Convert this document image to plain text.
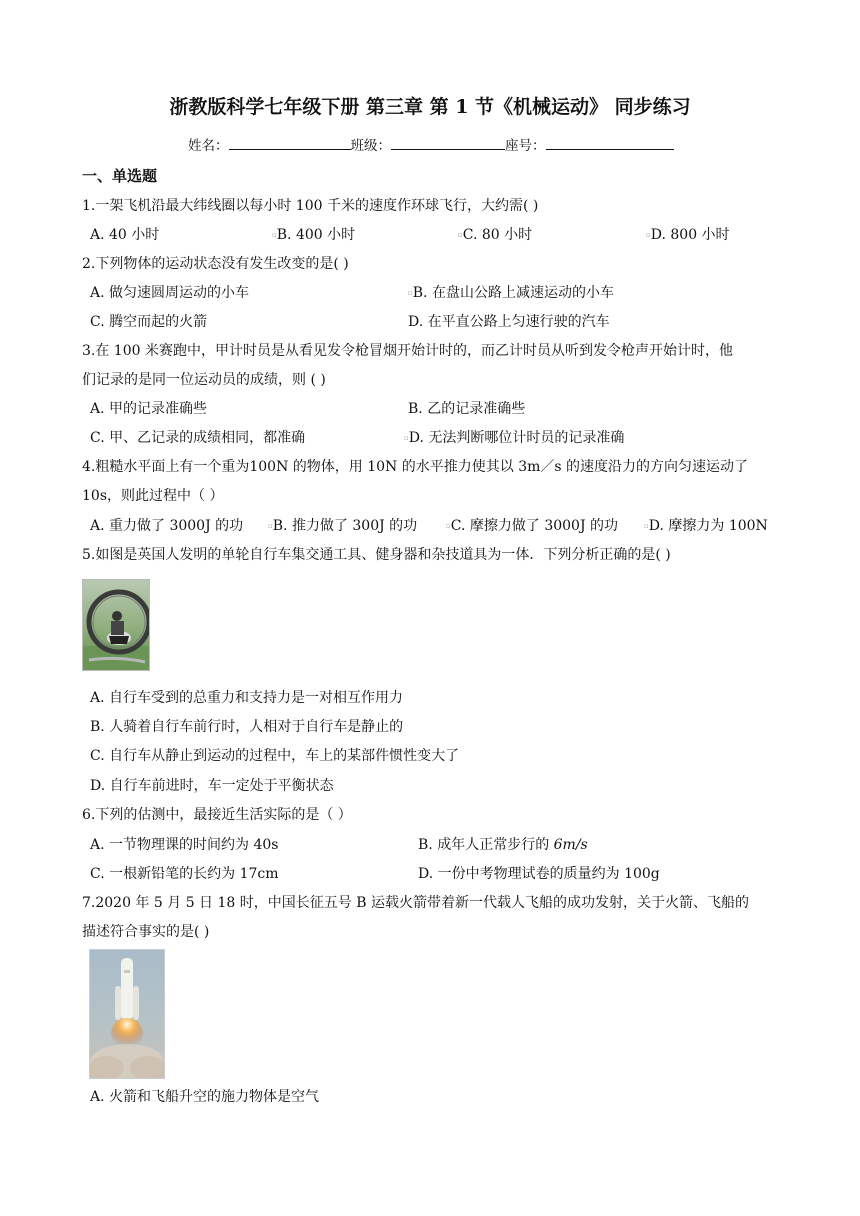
浙教版科学七年级下册 第三章 第 1 节《机械运动》 同步练习
姓名：	班级：	座号：
一、单选题
1.一架飞机沿最大纬线圈以每小时 100 千米的速度作环球飞行，大约需( )
A. 40 小时	▫B. 400 小时	▫C. 80 小时	▫D. 800 小时
2.下列物体的运动状态没有发生改变的是( )
A. 做匀速圆周运动的小车	▫B. 在盘山公路上减速运动的小车
C. 腾空而起的火箭	D. 在平直公路上匀速行驶的汽车
3.在 100 米赛跑中，甲计时员是从看见发令枪冒烟开始计时的，而乙计时员从听到发令枪声开始计时，他
们记录的是同一位运动员的成绩，则 ( )
A. 甲的记录准确些	B. 乙的记录准确些
C. 甲、乙记录的成绩相同，都准确	▫D. 无法判断哪位计时员的记录准确
4.粗糙水平面上有一个重为100N 的物体，用 10N 的水平推力使其以 3m／s 的速度沿力的方向匀速运动了
10s，则此过程中（ ）
A. 重力做了 3000J 的功	▫B. 推力做了 300J 的功	▫C. 摩擦力做了 3000J 的功	▫D. 摩擦力为 100N
5.如图是英国人发明的单轮自行车集交通工具、健身器和杂技道具为一体．下列分析正确的是( )
A. 自行车受到的总重力和支持力是一对相互作用力
B. 人骑着自行车前行时，人相对于自行车是静止的
C. 自行车从静止到运动的过程中，车上的某部件惯性变大了
D. 自行车前进时，车一定处于平衡状态
6.下列的估测中，最接近生活实际的是（ ）
A. 一节物理课的时间约为 40s	B. 成年人正常步行的 6m/s
C. 一根新铅笔的长约为 17cm	D. 一份中考物理试卷的质量约为 100g
7.2020 年 5 月 5 日 18 时，中国长征五号 B 运载火箭带着新一代载人飞船的成功发射，关于火箭、飞船的
描述符合事实的是( )
A. 火箭和飞船升空的施力物体是空气
